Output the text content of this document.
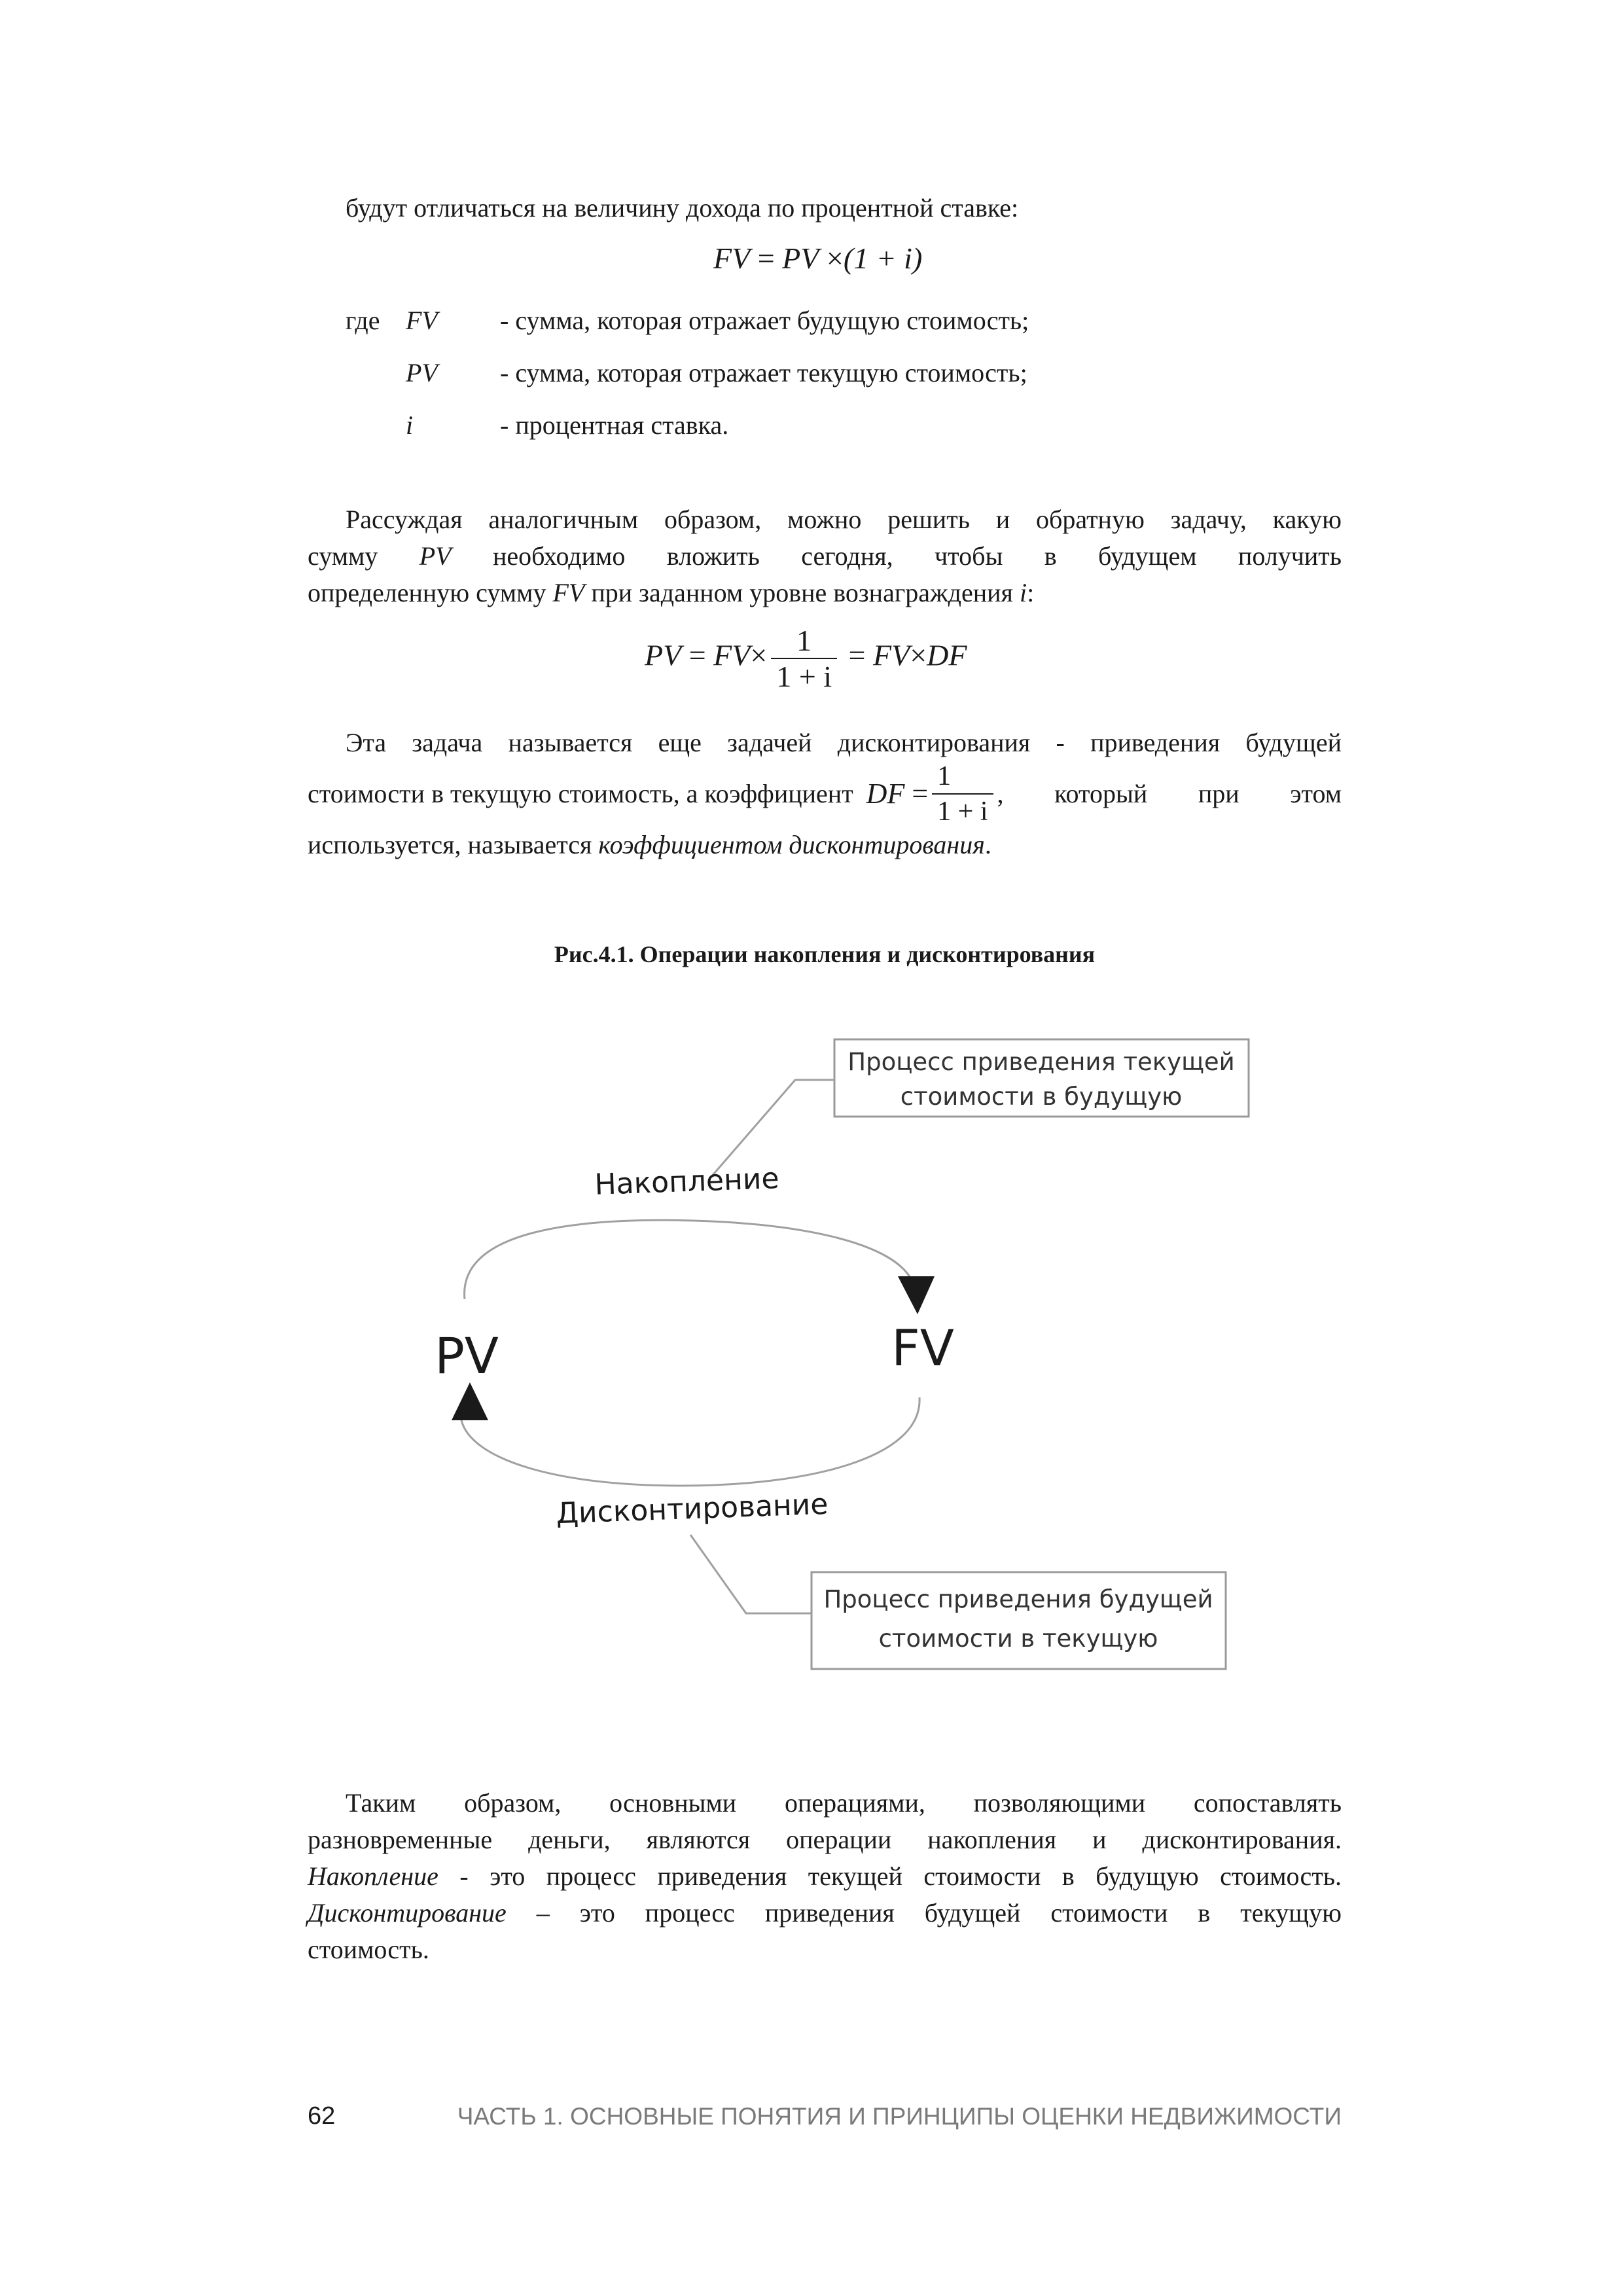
будут отличаться на величину дохода по процентной ставке:
FV = PV ×(1 + i)
где FV - сумма, которая отражает будущую стоимость;
PV - сумма, которая отражает текущую стоимость;
i	- процентная ставка.
Рассуждая аналогичным образом, можно решить и обратную задачу, какую
сумму PV необходимо вложить сегодня, чтобы в будущем получить
определенную сумму FV при заданном уровне вознаграждения i:
PV = $FV\times \frac{1}{1 + i} = FV\times DF$
Эта задача называется еще задачей дисконтирования - приведения будущей
стоимости в текущую стоимость, а коэффициент
DF = $\frac{1}{1 + i}$ , который при этом
используется, называется коэффициентом дисконтирования.
Рис.4.1. Операции накопления и дисконтирования
Процесс приведения текущей
стоимости в будущую
Накопление
PV	FV
Дисконтирование
Процесс приведения будущей
стоимости в текущую
Таким образом, основными операциями, позволяющими сопоставлять
разновременные деньги, являются операции накопления и дисконтирования.
Накопление - это процесс приведения текущей стоимости в будущую стоимость.
Дисконтирование – это процесс приведения будущей стоимости в текущую
стоимость.
62	ЧАСТЬ 1. ОСНОВНЫЕ ПОНЯТИЯ И ПРИНЦИПЫ ОЦЕНКИ НЕДВИЖИМОСТИ
